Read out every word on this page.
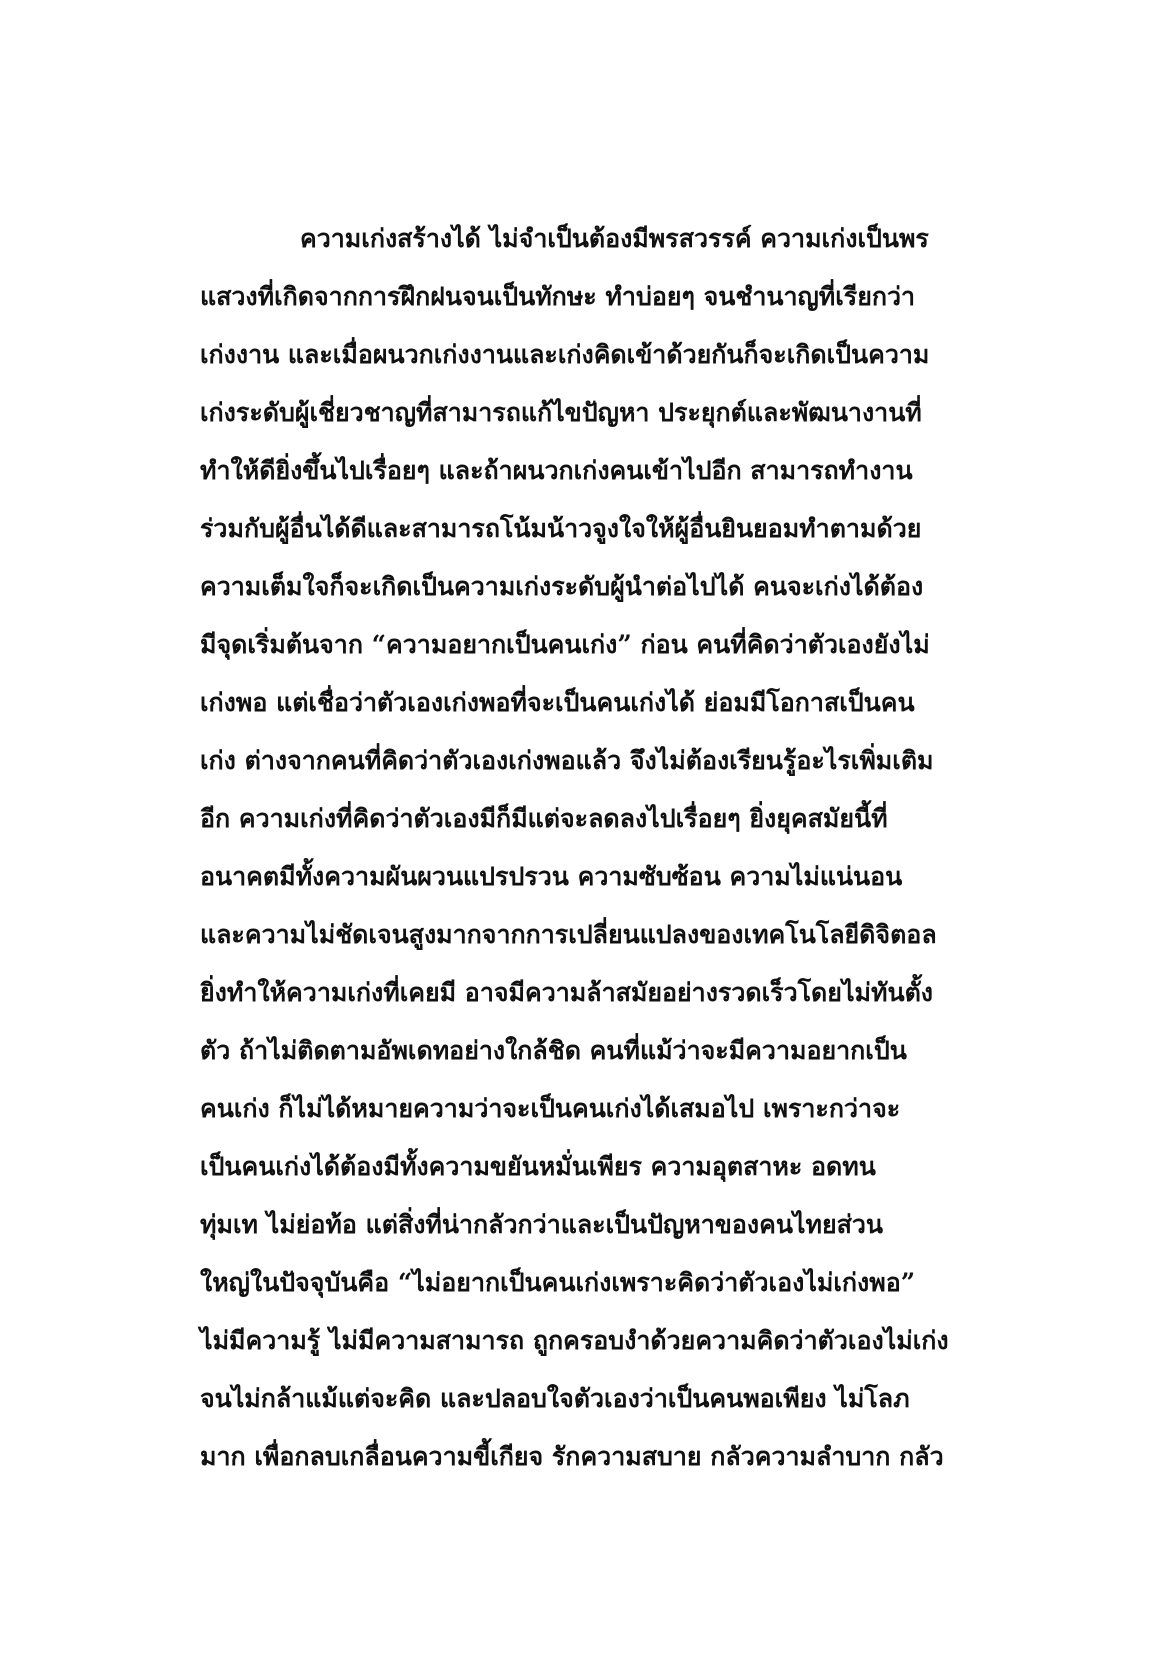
ความเก่งสร้างได้ ไม่จำเป็นต้องมีพรสวรรค์ ความเก่งเป็นพร
แสวงที่เกิดจากการฝึกฝนจนเป็นทักษะ ทำบ่อยๆ จนชำนาญที่เรียกว่า
เก่งงาน และเมื่อผนวกเก่งงานและเก่งคิดเข้าด้วยกันก็จะเกิดเป็นความ
เก่งระดับผู้เชี่ยวชาญที่สามารถแก้ไขปัญหา ประยุกต์และพัฒนางานที่
ทำให้ดียิ่งขึ้นไปเรื่อยๆ และถ้าผนวกเก่งคนเข้าไปอีก สามารถทำงาน
ร่วมกับผู้อื่นได้ดีและสามารถโน้มน้าวจูงใจให้ผู้อื่นยินยอมทำตามด้วย
ความเต็มใจก็จะเกิดเป็นความเก่งระดับผู้นำต่อไปได้ คนจะเก่งได้ต้อง
มีจุดเริ่มต้นจาก “ความอยากเป็นคนเก่ง” ก่อน คนที่คิดว่าตัวเองยังไม่
เก่งพอ แต่เชื่อว่าตัวเองเก่งพอที่จะเป็นคนเก่งได้ ย่อมมีโอกาสเป็นคน
เก่ง ต่างจากคนที่คิดว่าตัวเองเก่งพอแล้ว จึงไม่ต้องเรียนรู้อะไรเพิ่มเติม
อีก ความเก่งที่คิดว่าตัวเองมีก็มีแต่จะลดลงไปเรื่อยๆ ยิ่งยุคสมัยนี้ที่
อนาคตมีทั้งความผันผวนแปรปรวน ความซับซ้อน ความไม่แน่นอน
และความไม่ชัดเจนสูงมากจากการเปลี่ยนแปลงของเทคโนโลยีดิจิตอล
ยิ่งทำให้ความเก่งที่เคยมี อาจมีความล้าสมัยอย่างรวดเร็วโดยไม่ทันตั้ง
ตัว ถ้าไม่ติดตามอัพเดทอย่างใกล้ชิด คนที่แม้ว่าจะมีความอยากเป็น
คนเก่ง ก็ไม่ได้หมายความว่าจะเป็นคนเก่งได้เสมอไป เพราะกว่าจะ
เป็นคนเก่งได้ต้องมีทั้งความขยันหมั่นเพียร ความอุตสาหะ อดทน
ทุ่มเท ไม่ย่อท้อ แต่สิ่งที่น่ากลัวกว่าและเป็นปัญหาของคนไทยส่วน
ใหญ่ในปัจจุบันคือ “ไม่อยากเป็นคนเก่งเพราะคิดว่าตัวเองไม่เก่งพอ”
ไม่มีความรู้ ไม่มีความสามารถ ถูกครอบงำด้วยความคิดว่าตัวเองไม่เก่ง
จนไม่กล้าแม้แต่จะคิด และปลอบใจตัวเองว่าเป็นคนพอเพียง ไม่โลภ
มาก เพื่อกลบเกลื่อนความขี้เกียจ รักความสบาย กลัวความลำบาก กลัว
